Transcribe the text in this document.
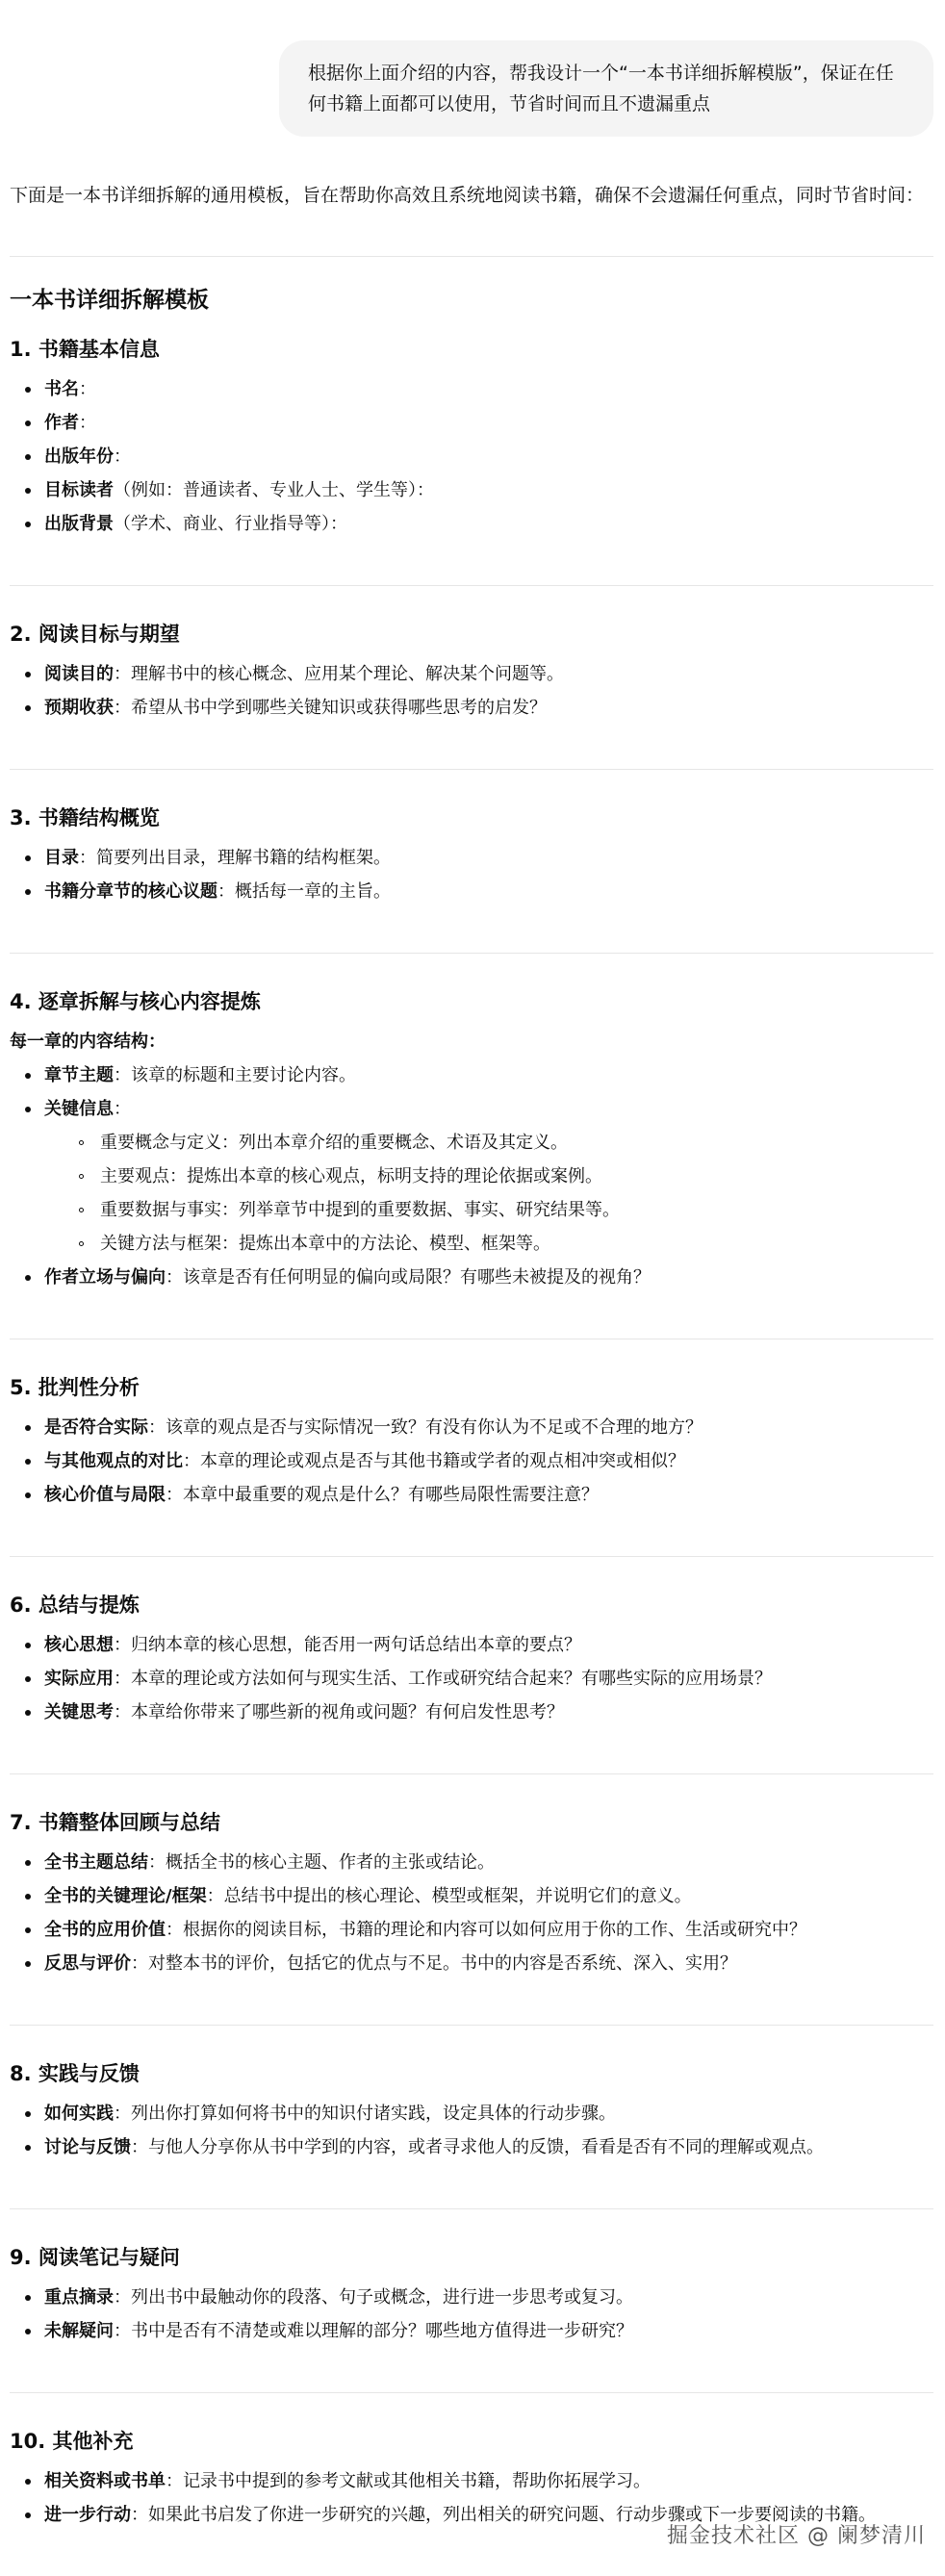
根据你上面介绍的内容，帮我设计一个“一本书详细拆解模版”，保证在任何书籍上面都可以使用，节省时间而且不遗漏重点

下面是一本书详细拆解的通用模板，旨在帮助你高效且系统地阅读书籍，确保不会遗漏任何重点，同时节省时间：

一本书详细拆解模板
1. 书籍基本信息
书名：
作者：
出版年份：
目标读者（例如：普通读者、专业人士、学生等）：
出版背景（学术、商业、行业指导等）：
2. 阅读目标与期望
阅读目的：理解书中的核心概念、应用某个理论、解决某个问题等。
预期收获：希望从书中学到哪些关键知识或获得哪些思考的启发？
3. 书籍结构概览
目录：简要列出目录，理解书籍的结构框架。
书籍分章节的核心议题：概括每一章的主旨。
4. 逐章拆解与核心内容提炼
每一章的内容结构：
章节主题：该章的标题和主要讨论内容。
关键信息：
重要概念与定义：列出本章介绍的重要概念、术语及其定义。
主要观点：提炼出本章的核心观点，标明支持的理论依据或案例。
重要数据与事实：列举章节中提到的重要数据、事实、研究结果等。
关键方法与框架：提炼出本章中的方法论、模型、框架等。
作者立场与偏向：该章是否有任何明显的偏向或局限？有哪些未被提及的视角？
5. 批判性分析
是否符合实际：该章的观点是否与实际情况一致？有没有你认为不足或不合理的地方？
与其他观点的对比：本章的理论或观点是否与其他书籍或学者的观点相冲突或相似？
核心价值与局限：本章中最重要的观点是什么？有哪些局限性需要注意？
6. 总结与提炼
核心思想：归纳本章的核心思想，能否用一两句话总结出本章的要点？
实际应用：本章的理论或方法如何与现实生活、工作或研究结合起来？有哪些实际的应用场景？
关键思考：本章给你带来了哪些新的视角或问题？有何启发性思考？
7. 书籍整体回顾与总结
全书主题总结：概括全书的核心主题、作者的主张或结论。
全书的关键理论/框架：总结书中提出的核心理论、模型或框架，并说明它们的意义。
全书的应用价值：根据你的阅读目标，书籍的理论和内容可以如何应用于你的工作、生活或研究中？
反思与评价：对整本书的评价，包括它的优点与不足。书中的内容是否系统、深入、实用？
8. 实践与反馈
如何实践：列出你打算如何将书中的知识付诸实践，设定具体的行动步骤。
讨论与反馈：与他人分享你从书中学到的内容，或者寻求他人的反馈，看看是否有不同的理解或观点。
9. 阅读笔记与疑问
重点摘录：列出书中最触动你的段落、句子或概念，进行进一步思考或复习。
未解疑问：书中是否有不清楚或难以理解的部分？哪些地方值得进一步研究？
10. 其他补充
相关资料或书单：记录书中提到的参考文献或其他相关书籍，帮助你拓展学习。
进一步行动：如果此书启发了你进一步研究的兴趣，列出相关的研究问题、行动步骤或下一步要阅读的书籍。
掘金技术社区 @ 阑梦清川
